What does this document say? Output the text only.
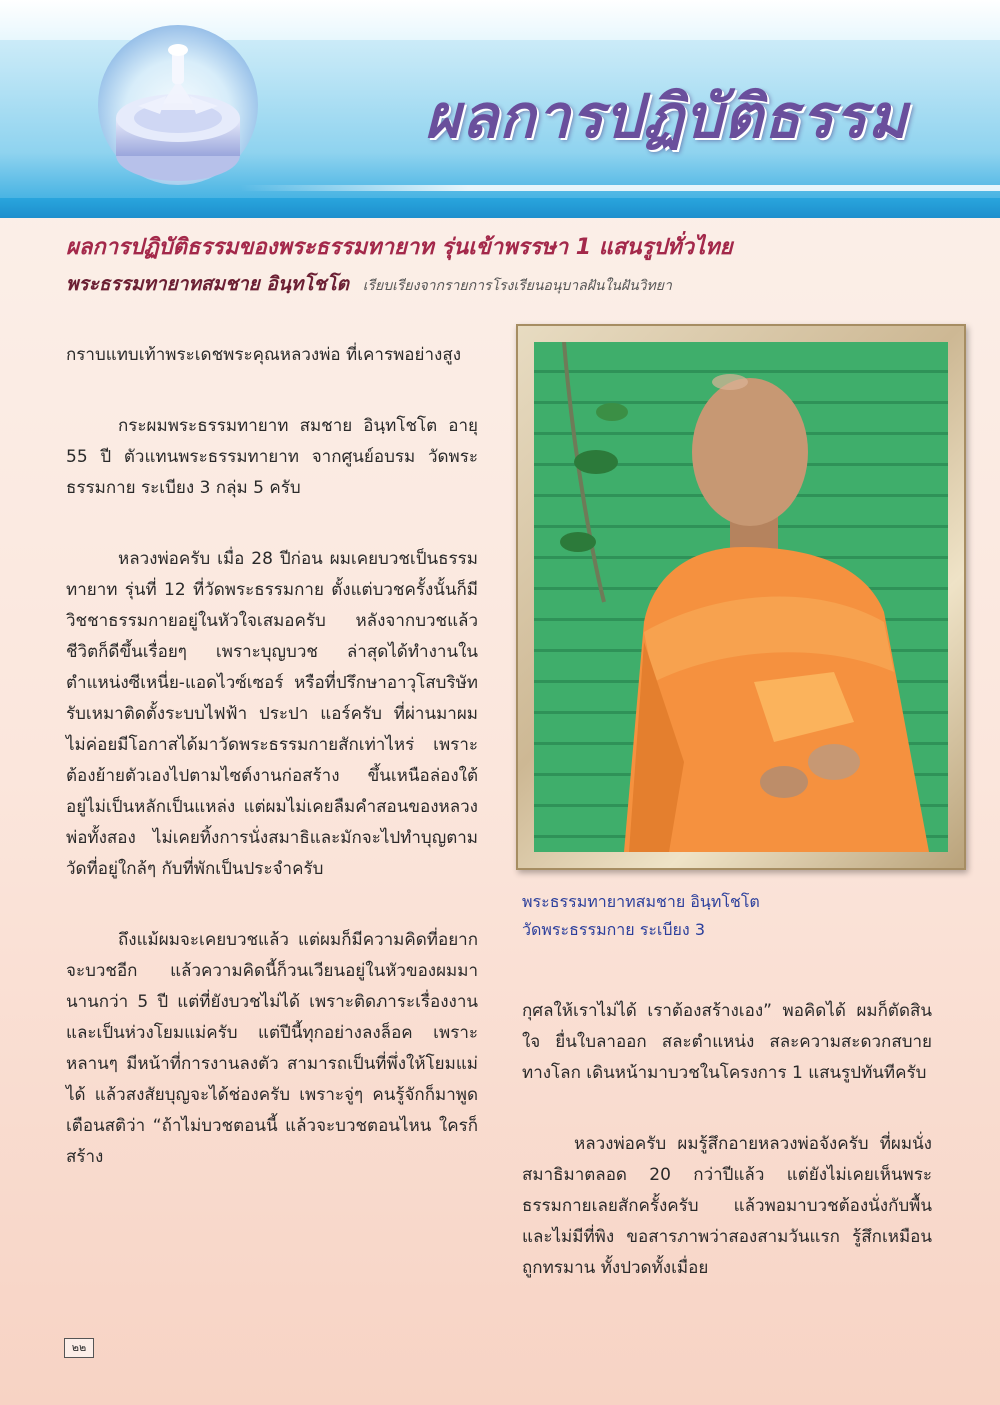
ผลการปฏิบัติธรรม
ผลการปฏิบัติธรรมของพระธรรมทายาท รุ่นเข้าพรรษา 1 แสนรูปทั่วไทย
พระธรรมทายาทสมชาย อินฺทโชโต เรียบเรียงจากรายการโรงเรียนอนุบาลฝันในฝันวิทยา

กราบแทบเท้าพระเดชพระคุณหลวงพ่อ ที่เคารพอย่างสูง

กระผมพระธรรมทายาท สมชาย อินฺทโชโต อายุ 55 ปี ตัวแทนพระธรรมทายาท จากศูนย์อบรม วัดพระธรรมกาย ระเบียง 3 กลุ่ม 5 ครับ

หลวงพ่อครับ เมื่อ 28 ปีก่อน ผมเคยบวชเป็นธรรมทายาท รุ่นที่ 12 ที่วัดพระธรรมกาย ตั้งแต่บวชครั้งนั้นก็มีวิชชาธรรมกายอยู่ในหัวใจเสมอครับ หลังจากบวชแล้ว ชีวิตก็ดีขึ้นเรื่อยๆ เพราะบุญบวช ล่าสุดได้ทำงานในตำแหน่งซีเหนี่ย-แอดไวซ์เซอร์ หรือที่ปรึกษาอาวุโสบริษัทรับเหมาติดตั้งระบบไฟฟ้า ประปา แอร์ครับ ที่ผ่านมาผมไม่ค่อยมีโอกาสได้มาวัดพระธรรมกายสักเท่าไหร่ เพราะต้องย้ายตัวเองไปตามไซต์งานก่อสร้าง ขึ้นเหนือล่องใต้ อยู่ไม่เป็นหลักเป็นแหล่ง แต่ผมไม่เคยลืมคำสอนของหลวงพ่อทั้งสอง ไม่เคยทิ้งการนั่งสมาธิและมักจะไปทำบุญตามวัดที่อยู่ใกล้ๆ กับที่พักเป็นประจำครับ

ถึงแม้ผมจะเคยบวชแล้ว แต่ผมก็มีความคิดที่อยากจะบวชอีก แล้วความคิดนี้ก็วนเวียนอยู่ในหัวของผมมานานกว่า 5 ปี แต่ที่ยังบวชไม่ได้ เพราะติดภาระเรื่องงาน และเป็นห่วงโยมแม่ครับ แต่ปีนี้ทุกอย่างลงล็อค เพราะหลานๆ มีหน้าที่การงานลงตัว สามารถเป็นที่พึ่งให้โยมแม่ได้ แล้วสงสัยบุญจะได้ช่องครับ เพราะจู่ๆ คนรู้จักก็มาพูดเตือนสติว่า “ถ้าไม่บวชตอนนี้ แล้วจะบวชตอนไหน ใครก็สร้าง

พระธรรมทายาทสมชาย อินฺทโชโต
วัดพระธรรมกาย ระเบียง 3

กุศลให้เราไม่ได้ เราต้องสร้างเอง” พอคิดได้ ผมก็ตัดสินใจ ยื่นใบลาออก สละตำแหน่ง สละความสะดวกสบายทางโลก เดินหน้ามาบวชในโครงการ 1 แสนรูปทันทีครับ

หลวงพ่อครับ ผมรู้สึกอายหลวงพ่อจังครับ ที่ผมนั่งสมาธิมาตลอด 20 กว่าปีแล้ว แต่ยังไม่เคยเห็นพระธรรมกายเลยสักครั้งครับ แล้วพอมาบวชต้องนั่งกับพื้นและไม่มีที่พิง ขอสารภาพว่าสองสามวันแรก รู้สึกเหมือนถูกทรมาน ทั้งปวดทั้งเมื่อย

๒๒
